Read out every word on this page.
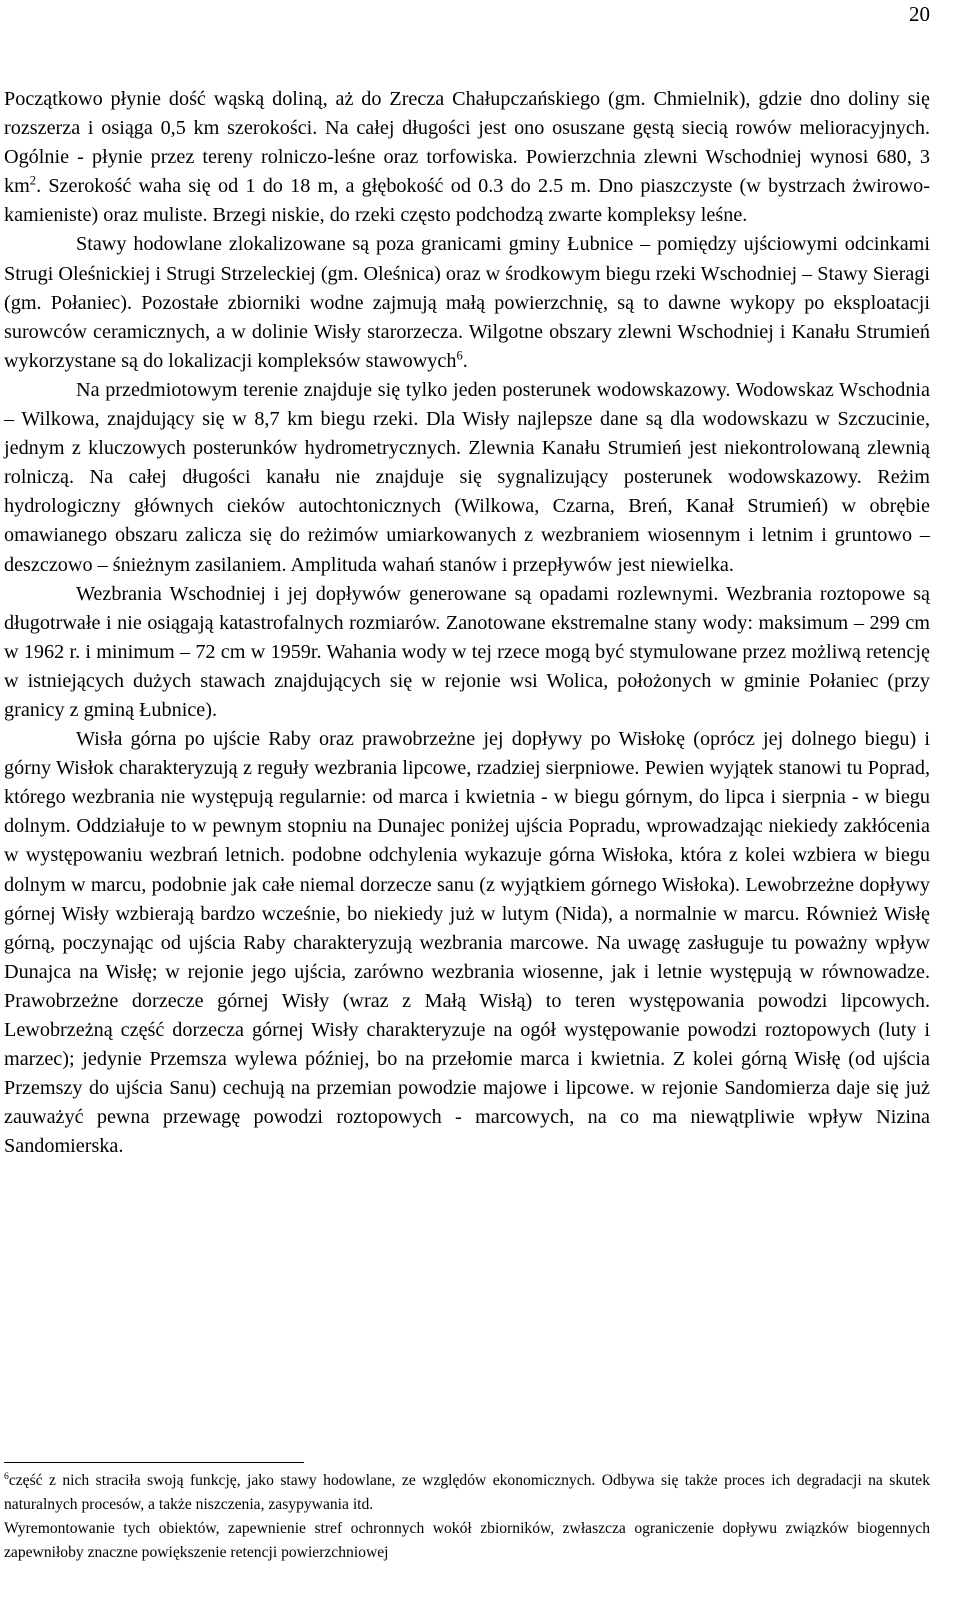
20

Początkowo płynie dość wąską doliną, aż do Zrecza Chałupczańskiego (gm. Chmielnik), gdzie dno doliny się rozszerza i osiąga 0,5 km szerokości. Na całej długości jest ono osuszane gęstą siecią rowów melioracyjnych. Ogólnie - płynie przez tereny rolniczo-leśne oraz torfowiska. Powierzchnia zlewni Wschodniej wynosi 680, 3 $km^2$. Szerokość waha się od 1 do 18 m, a głębokość od 0.3 do 2.5 m. Dno piaszczyste (w bystrzach żwirowo-kamieniste) oraz muliste. Brzegi niskie, do rzeki często podchodzą zwarte kompleksy leśne.

Stawy hodowlane zlokalizowane są poza granicami gminy Łubnice – pomiędzy ujściowymi odcinkami Strugi Oleśnickiej i Strugi Strzeleckiej (gm. Oleśnica) oraz w środkowym biegu rzeki Wschodniej – Stawy Sieragi (gm. Połaniec). Pozostałe zbiorniki wodne zajmują małą powierzchnię, są to dawne wykopy po eksploatacji surowców ceramicznych, a w dolinie Wisły starorzecza. Wilgotne obszary zlewni Wschodniej i Kanału Strumień wykorzystane są do lokalizacji kompleksów stawowych$^6$.

Na przedmiotowym terenie znajduje się tylko jeden posterunek wodowskazowy. Wodowskaz Wschodnia – Wilkowa, znajdujący się w 8,7 km biegu rzeki. Dla Wisły najlepsze dane są dla wodowskazu w Szczucinie, jednym z kluczowych posterunków hydrometrycznych. Zlewnia Kanału Strumień jest niekontrolowaną zlewnią rolniczą. Na całej długości kanału nie znajduje się sygnalizujący posterunek wodowskazowy. Reżim hydrologiczny głównych cieków autochtonicznych (Wilkowa, Czarna, Breń, Kanał Strumień) w obrębie omawianego obszaru zalicza się do reżimów umiarkowanych z wezbraniem wiosennym i letnim i gruntowo – deszczowo – śnieżnym zasilaniem. Amplituda wahań stanów i przepływów jest niewielka.

Wezbrania Wschodniej i jej dopływów generowane są opadami rozlewnymi. Wezbrania roztopowe są długotrwałe i nie osiągają katastrofalnych rozmiarów. Zanotowane ekstremalne stany wody: maksimum – 299 cm w 1962 r. i minimum – 72 cm w 1959r. Wahania wody w tej rzece mogą być stymulowane przez możliwą retencję w istniejących dużych stawach znajdujących się w rejonie wsi Wolica, położonych w gminie Połaniec (przy granicy z gminą Łubnice).

Wisła górna po ujście Raby oraz prawobrzeżne jej dopływy po Wisłokę (oprócz jej dolnego biegu) i górny Wisłok charakteryzują z reguły wezbrania lipcowe, rzadziej sierpniowe. Pewien wyjątek stanowi tu Poprad, którego wezbrania nie występują regularnie: od marca i kwietnia - w biegu górnym, do lipca i sierpnia - w biegu dolnym. Oddziałuje to w pewnym stopniu na Dunajec poniżej ujścia Popradu, wprowadzając niekiedy zakłócenia w występowaniu wezbrań letnich. podobne odchylenia wykazuje górna Wisłoka, która z kolei wzbiera w biegu dolnym w marcu, podobnie jak całe niemal dorzecze sanu (z wyjątkiem górnego Wisłoka). Lewobrzeżne dopływy górnej Wisły wzbierają bardzo wcześnie, bo niekiedy już w lutym (Nida), a normalnie w marcu. Również Wisłę górną, poczynając od ujścia Raby charakteryzują wezbrania marcowe. Na uwagę zasługuje tu poważny wpływ Dunajca na Wisłę; w rejonie jego ujścia, zarówno wezbrania wiosenne, jak i letnie występują w równowadze. Prawobrzeżne dorzecze górnej Wisły (wraz z Małą Wisłą) to teren występowania powodzi lipcowych. Lewobrzeżną część dorzecza górnej Wisły charakteryzuje na ogół występowanie powodzi roztopowych (luty i marzec); jedynie Przemsza wylewa później, bo na przełomie marca i kwietnia. Z kolei górną Wisłę (od ujścia Przemszy do ujścia Sanu) cechują na przemian powodzie majowe i lipcowe. w rejonie Sandomierza daje się już zauważyć pewna przewagę powodzi roztopowych - marcowych, na co ma niewątpliwie wpływ Nizina Sandomierska.

$^6$część z nich straciła swoją funkcję, jako stawy hodowlane, ze względów ekonomicznych. Odbywa się także proces ich degradacji na skutek naturalnych procesów, a także niszczenia, zasypywania itd.

Wyremontowanie tych obiektów, zapewnienie stref ochronnych wokół zbiorników, zwłaszcza ograniczenie dopływu związków biogennych zapewniłoby znaczne powiększenie retencji powierzchniowej
